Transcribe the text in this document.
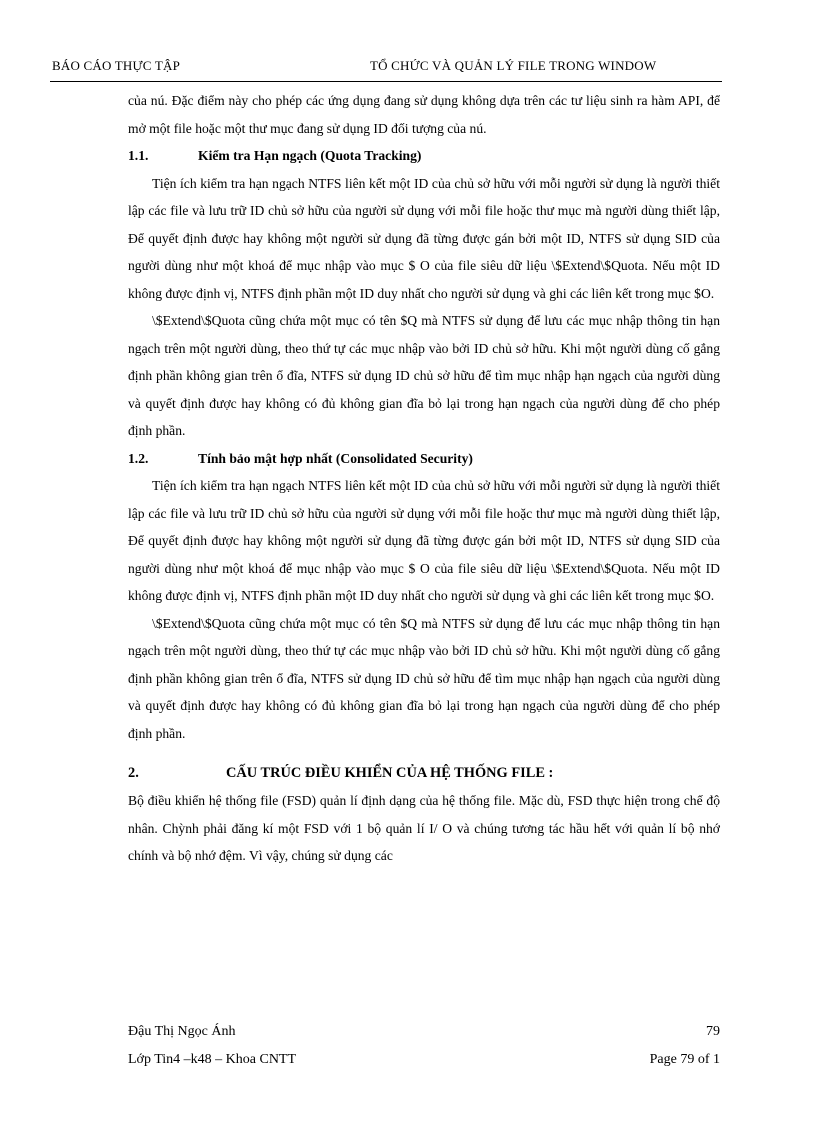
BÁO CÁO THỰC TẬP	TỔ CHỨC VÀ QUẢN LÝ FILE TRONG WINDOW

của nú. Đặc điểm này cho phép các ứng dụng đang sử dụng không dựa trên các tư liệu sinh ra hàm API, để mở một file hoặc một thư mục đang sử dụng ID đối tượng của nú.

1.1.	Kiểm tra Hạn ngạch (Quota Tracking)

Tiện ích kiểm tra hạn ngạch NTFS liên kết một ID của chủ sở hữu với mỗi người sử dụng là người thiết lập các file và lưu trữ ID chủ sở hữu của người sử dụng với mỗi file hoặc thư mục mà người dùng thiết lập, Để quyết định được hay không một người sử dụng đã từng được gán bởi một ID, NTFS sử dụng SID của người dùng như một khoá để mục nhập vào mục $ O của file siêu dữ liệu \$Extend\$Quota. Nếu một ID không được định vị, NTFS định phần một ID duy nhất cho người sử dụng và ghi các liên kết trong mục $O.

\$Extend\$Quota cũng chứa một mục có tên $Q mà NTFS sử dụng để lưu các mục nhập thông tin hạn ngạch trên một người dùng, theo thứ tự các mục nhập vào bởi ID chủ sở hữu. Khi một người dùng cố gắng định phần không gian trên ổ đĩa, NTFS sử dụng ID chủ sở hữu để tìm mục nhập hạn ngạch của người dùng và quyết định được hay không có đủ không gian đĩa bỏ lại trong hạn ngạch của người dùng để cho phép định phần.

1.2.	Tính bảo mật hợp nhất (Consolidated Security)

Tiện ích kiểm tra hạn ngạch NTFS liên kết một ID của chủ sở hữu với mỗi người sử dụng là người thiết lập các file và lưu trữ ID chủ sở hữu của người sử dụng với mỗi file hoặc thư mục mà người dùng thiết lập, Để quyết định được hay không một người sử dụng đã từng được gán bởi một ID, NTFS sử dụng SID của người dùng như một khoá để mục nhập vào mục $ O của file siêu dữ liệu \$Extend\$Quota. Nếu một ID không được định vị, NTFS định phần một ID duy nhất cho người sử dụng và ghi các liên kết trong mục $O.

\$Extend\$Quota cũng chứa một mục có tên $Q mà NTFS sử dụng để lưu các mục nhập thông tin hạn ngạch trên một người dùng, theo thứ tự các mục nhập vào bởi ID chủ sở hữu. Khi một người dùng cố gắng định phần không gian trên ổ đĩa, NTFS sử dụng ID chủ sở hữu để tìm mục nhập hạn ngạch của người dùng và quyết định được hay không có đủ không gian đĩa bỏ lại trong hạn ngạch của người dùng để cho phép định phần.

2.	CẤU TRÚC ĐIỀU KHIỂN CỦA HỆ THỐNG FILE :

Bộ điều khiển hệ thống file (FSD) quản lí định dạng của hệ thống file. Mặc dù, FSD thực hiện trong chế độ nhân. Chỳnh phải đăng kí một FSD với 1 bộ quản lí I/ O và chúng tương tác hầu hết với quản lí bộ nhớ chính và bộ nhớ đệm. Vì vậy, chúng sử dụng các

Đậu Thị Ngọc Ánh	79
Lớp Tin4 –k48 – Khoa CNTT	Page 79 of 1
